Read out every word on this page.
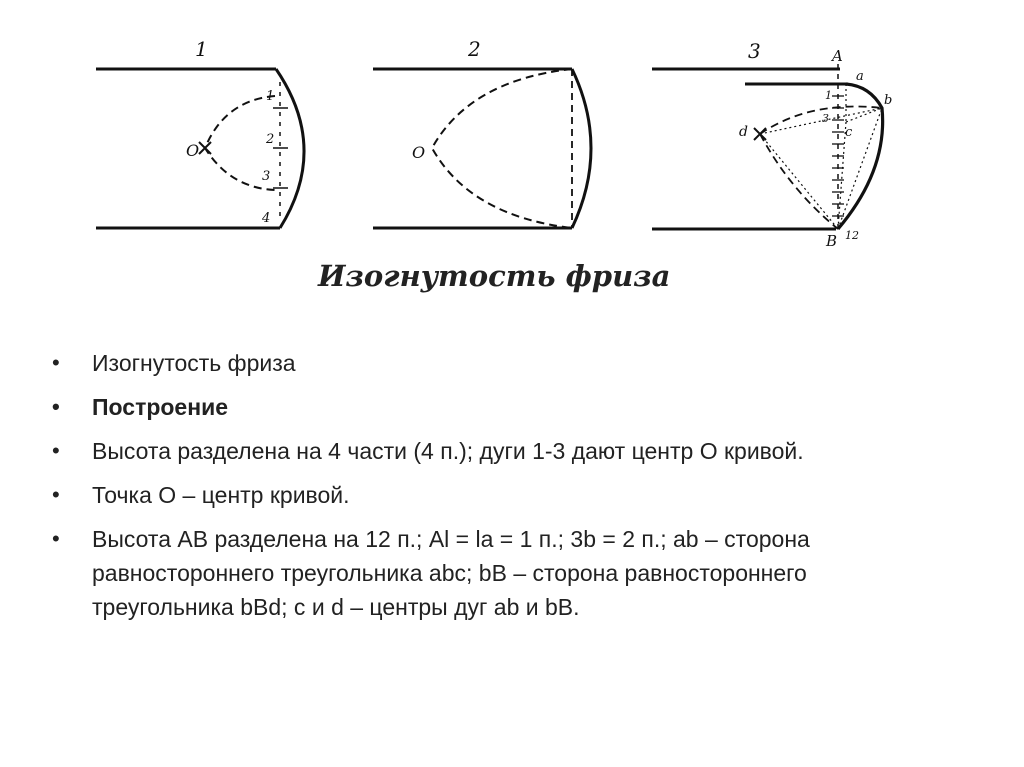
1
O
1
2
3
4
2
O
3	A
a
b
1
3
c
d
B 12
Изогнутость фриза
• Изогнутость фриза
• Построение
• Высота разделена на 4 части (4 п.); дуги 1-3 дают центр О кривой.
• Точка О – центр кривой.
• Высота АВ разделена на 12 п.; Al = la = 1 п.; 3b = 2 п.; ab – сторона равностороннего треугольника abc; bB – сторона равностороннего треугольника bBd; c и d – центры дуг ab и bB.
